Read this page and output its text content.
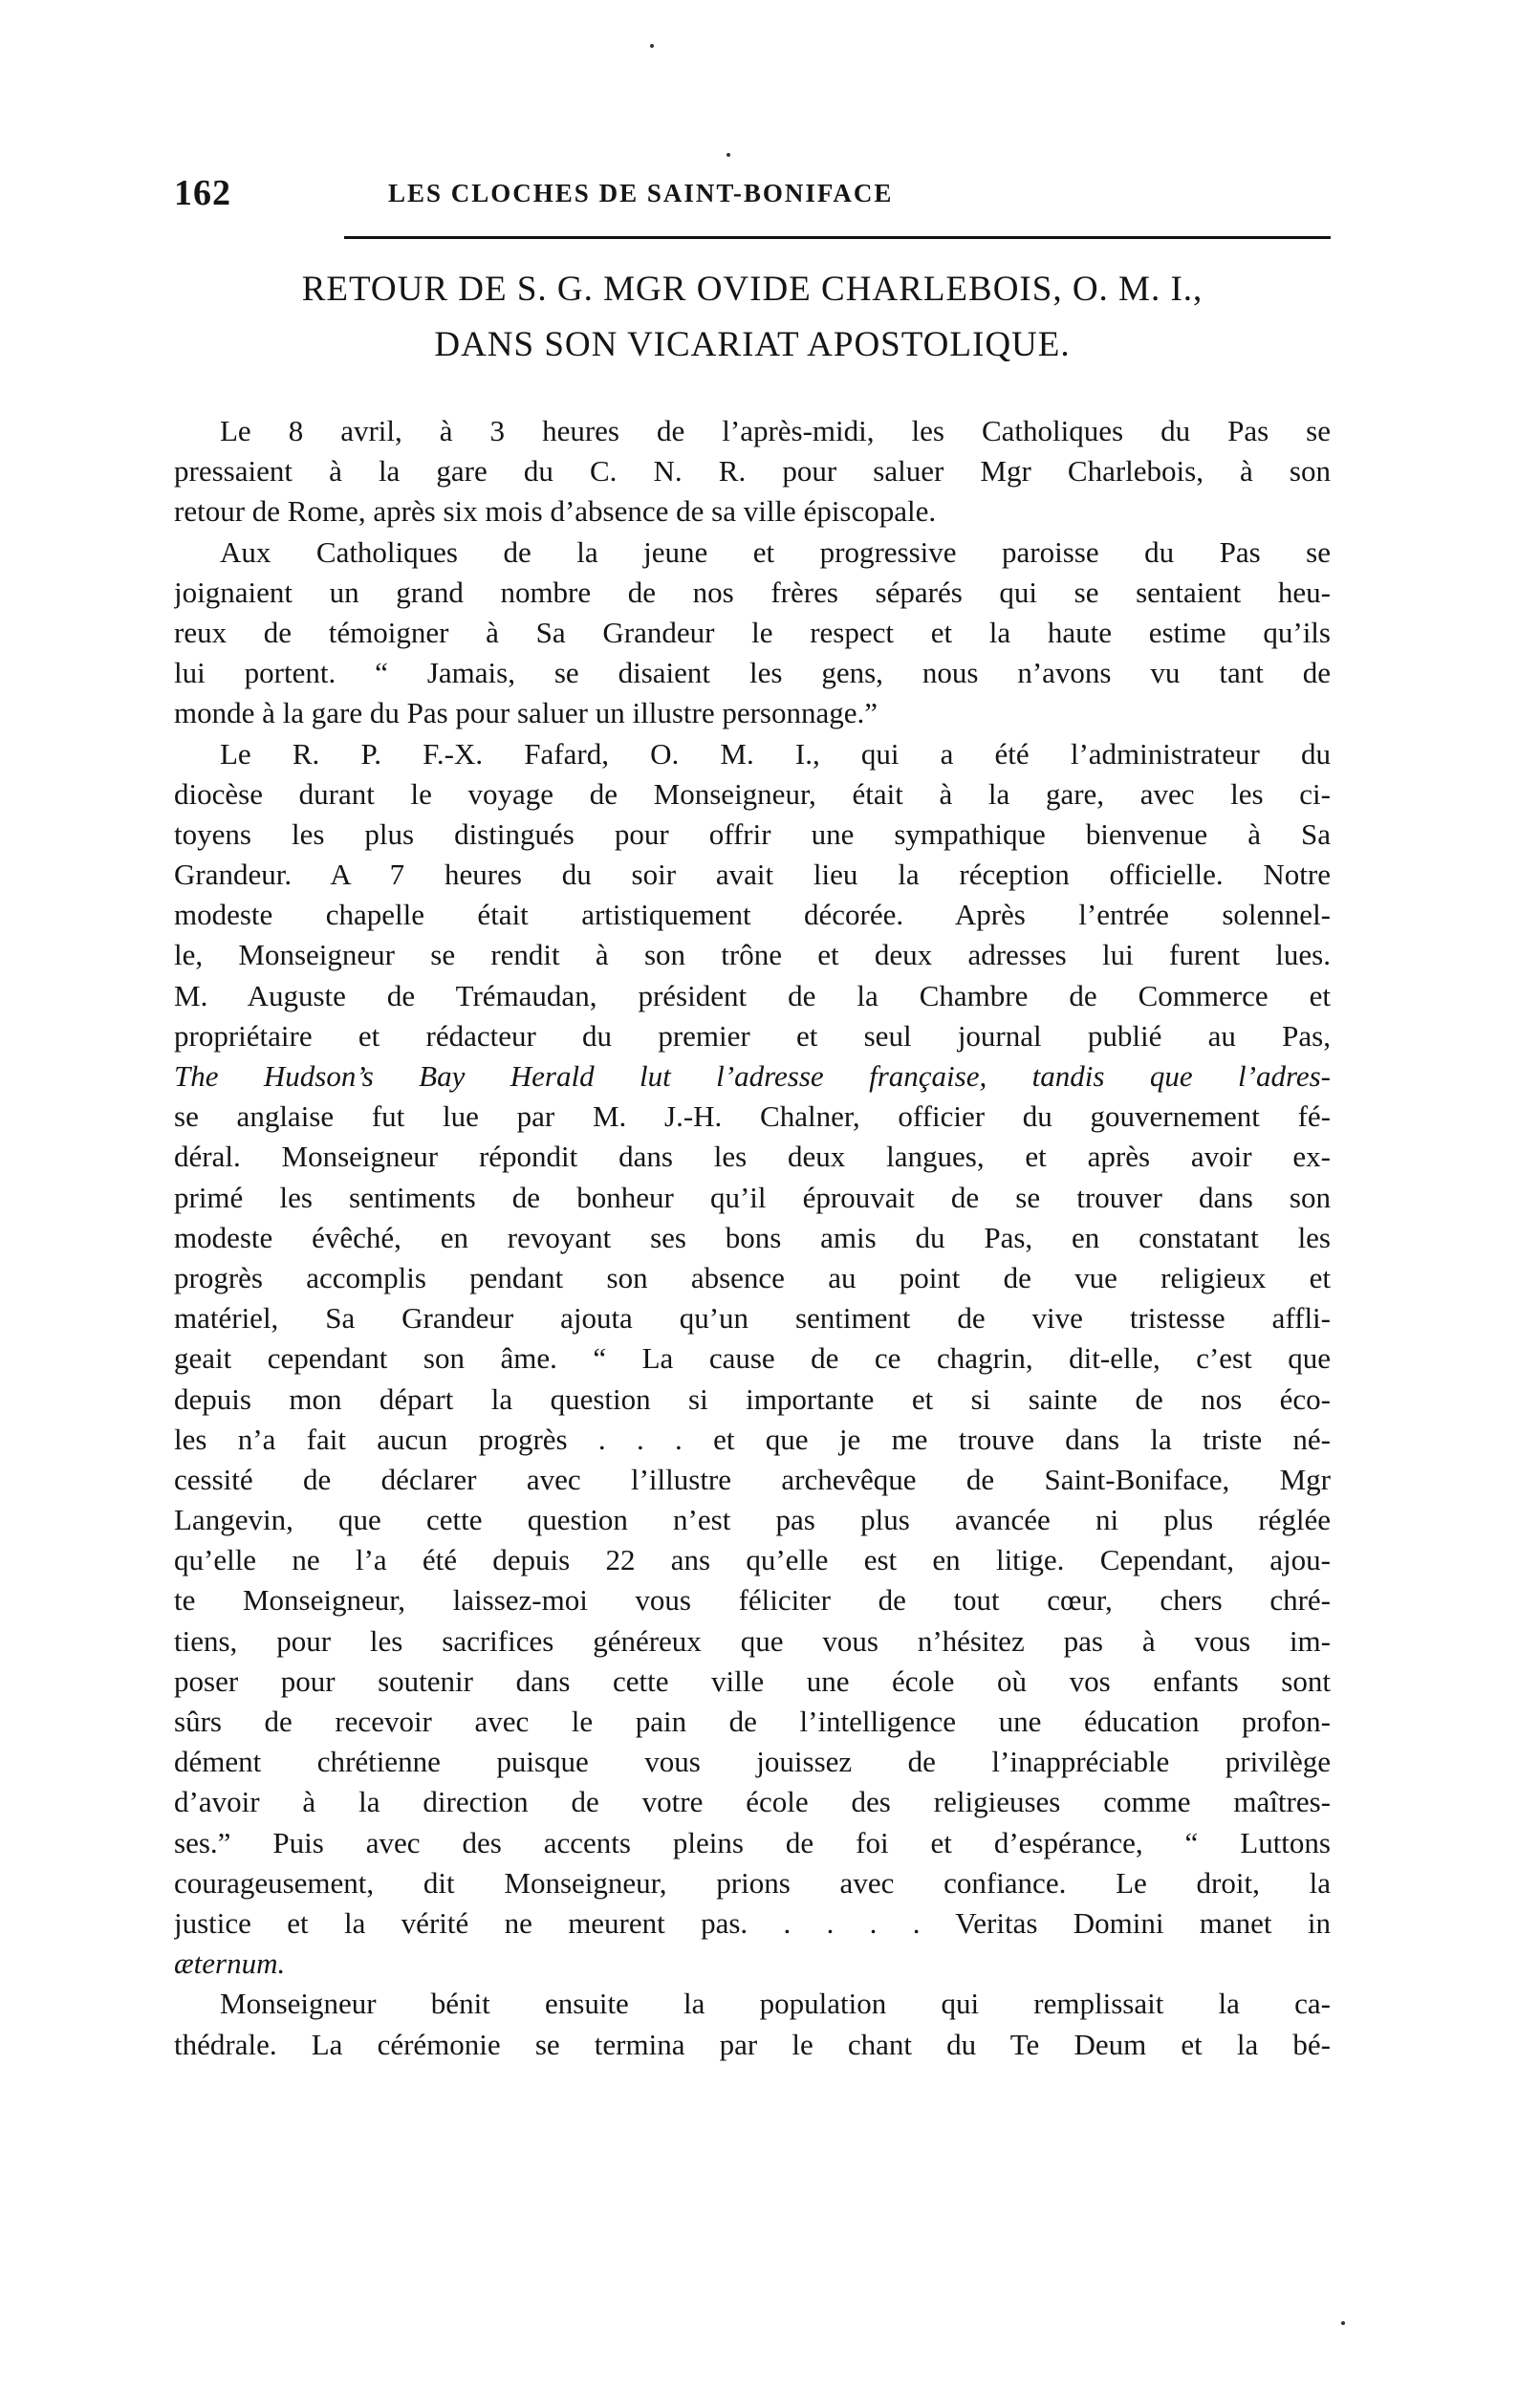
162	LES CLOCHES DE SAINT-BONIFACE
RETOUR DE S. G. MGR OVIDE CHARLEBOIS, O. M. I.,
DANS SON VICARIAT APOSTOLIQUE.
Le 8 avril, à 3 heures de l’après-midi, les Catholiques du Pas se
pressaient à la gare du C. N. R. pour saluer Mgr Charlebois, à son
retour de Rome, après six mois d’absence de sa ville épiscopale.
Aux Catholiques de la jeune et progressive paroisse du Pas se
joignaient un grand nombre de nos frères séparés qui se sentaient heu-
reux de témoigner à Sa Grandeur le respect et la haute estime qu’ils
lui portent. “ Jamais, se disaient les gens, nous n’avons vu tant de
monde à la gare du Pas pour saluer un illustre personnage.”
Le R. P. F.-X. Fafard, O. M. I., qui a été l’administrateur du
diocèse durant le voyage de Monseigneur, était à la gare, avec les ci-
toyens les plus distingués pour offrir une sympathique bienvenue à Sa
Grandeur. A 7 heures du soir avait lieu la réception officielle. Notre
modeste chapelle était artistiquement décorée. Après l’entrée solennel-
le, Monseigneur se rendit à son trône et deux adresses lui furent lues.
M. Auguste de Trémaudan, président de la Chambre de Commerce et
propriétaire et rédacteur du premier et seul journal publié au Pas,
The Hudson’s Bay Herald lut l’adresse française, tandis que l’adres-
se anglaise fut lue par M. J.-H. Chalner, officier du gouvernement fé-
déral. Monseigneur répondit dans les deux langues, et après avoir ex-
primé les sentiments de bonheur qu’il éprouvait de se trouver dans son
modeste évêché, en revoyant ses bons amis du Pas, en constatant les
progrès accomplis pendant son absence au point de vue religieux et
matériel, Sa Grandeur ajouta qu’un sentiment de vive tristesse affli-
geait cependant son âme. “ La cause de ce chagrin, dit-elle, c’est que
depuis mon départ la question si importante et si sainte de nos éco-
les n’a fait aucun progrès . . . et que je me trouve dans la triste né-
cessité de déclarer avec l’illustre archevêque de Saint-Boniface, Mgr
Langevin, que cette question n’est pas plus avancée ni plus réglée
qu’elle ne l’a été depuis 22 ans qu’elle est en litige. Cependant, ajou-
te Monseigneur, laissez-moi vous féliciter de tout cœur, chers chré-
tiens, pour les sacrifices généreux que vous n’hésitez pas à vous im-
poser pour soutenir dans cette ville une école où vos enfants sont
sûrs de recevoir avec le pain de l’intelligence une éducation profon-
dément chrétienne puisque vous jouissez de l’inappréciable privilège
d’avoir à la direction de votre école des religieuses comme maîtres-
ses.” Puis avec des accents pleins de foi et d’espérance, “ Luttons
courageusement, dit Monseigneur, prions avec confiance. Le droit, la
justice et la vérité ne meurent pas. . . . . Veritas Domini manet in
æternum.
Monseigneur bénit ensuite la population qui remplissait la ca-
thédrale. La cérémonie se termina par le chant du Te Deum et la bé-
